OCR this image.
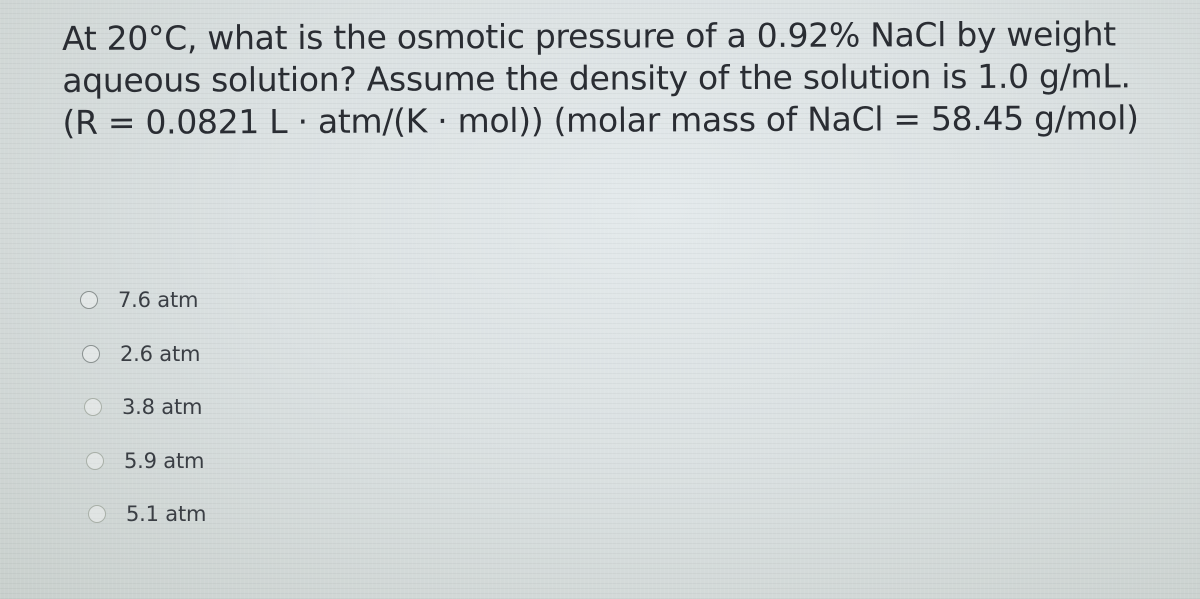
At 20°C, what is the osmotic pressure of a 0.92% NaCl by weight aqueous solution? Assume the density of the solution is 1.0 g/mL. (R = 0.0821 L · atm/(K · mol)) (molar mass of NaCl = 58.45 g/mol)

7.6 atm
2.6 atm
3.8 atm
5.9 atm
5.1 atm
